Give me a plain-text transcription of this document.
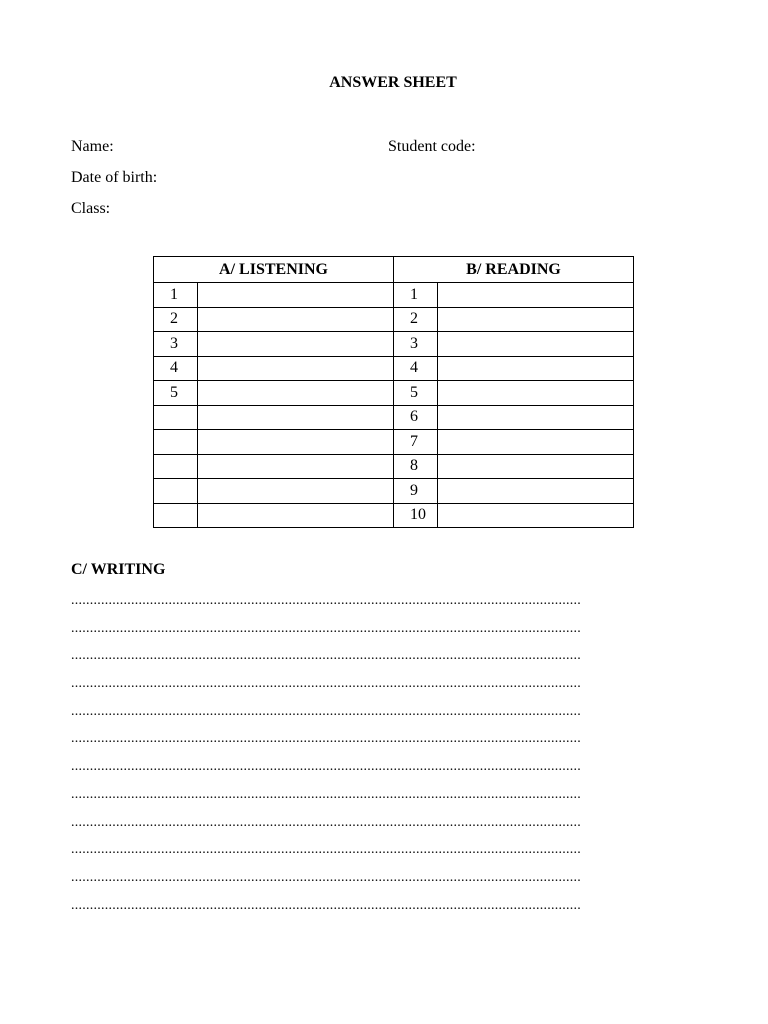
ANSWER SHEET
Name:	Student code:
Date of birth:
Class:
A/ LISTENING		B/ READING	
1		1	
2		2	
3		3	
4		4	
5		5	
		6	
		7	
		8	
		9	
		10	
C/ WRITING
........................................................................................................................................
........................................................................................................................................
........................................................................................................................................
........................................................................................................................................
........................................................................................................................................
........................................................................................................................................
........................................................................................................................................
........................................................................................................................................
........................................................................................................................................
........................................................................................................................................
........................................................................................................................................
........................................................................................................................................
